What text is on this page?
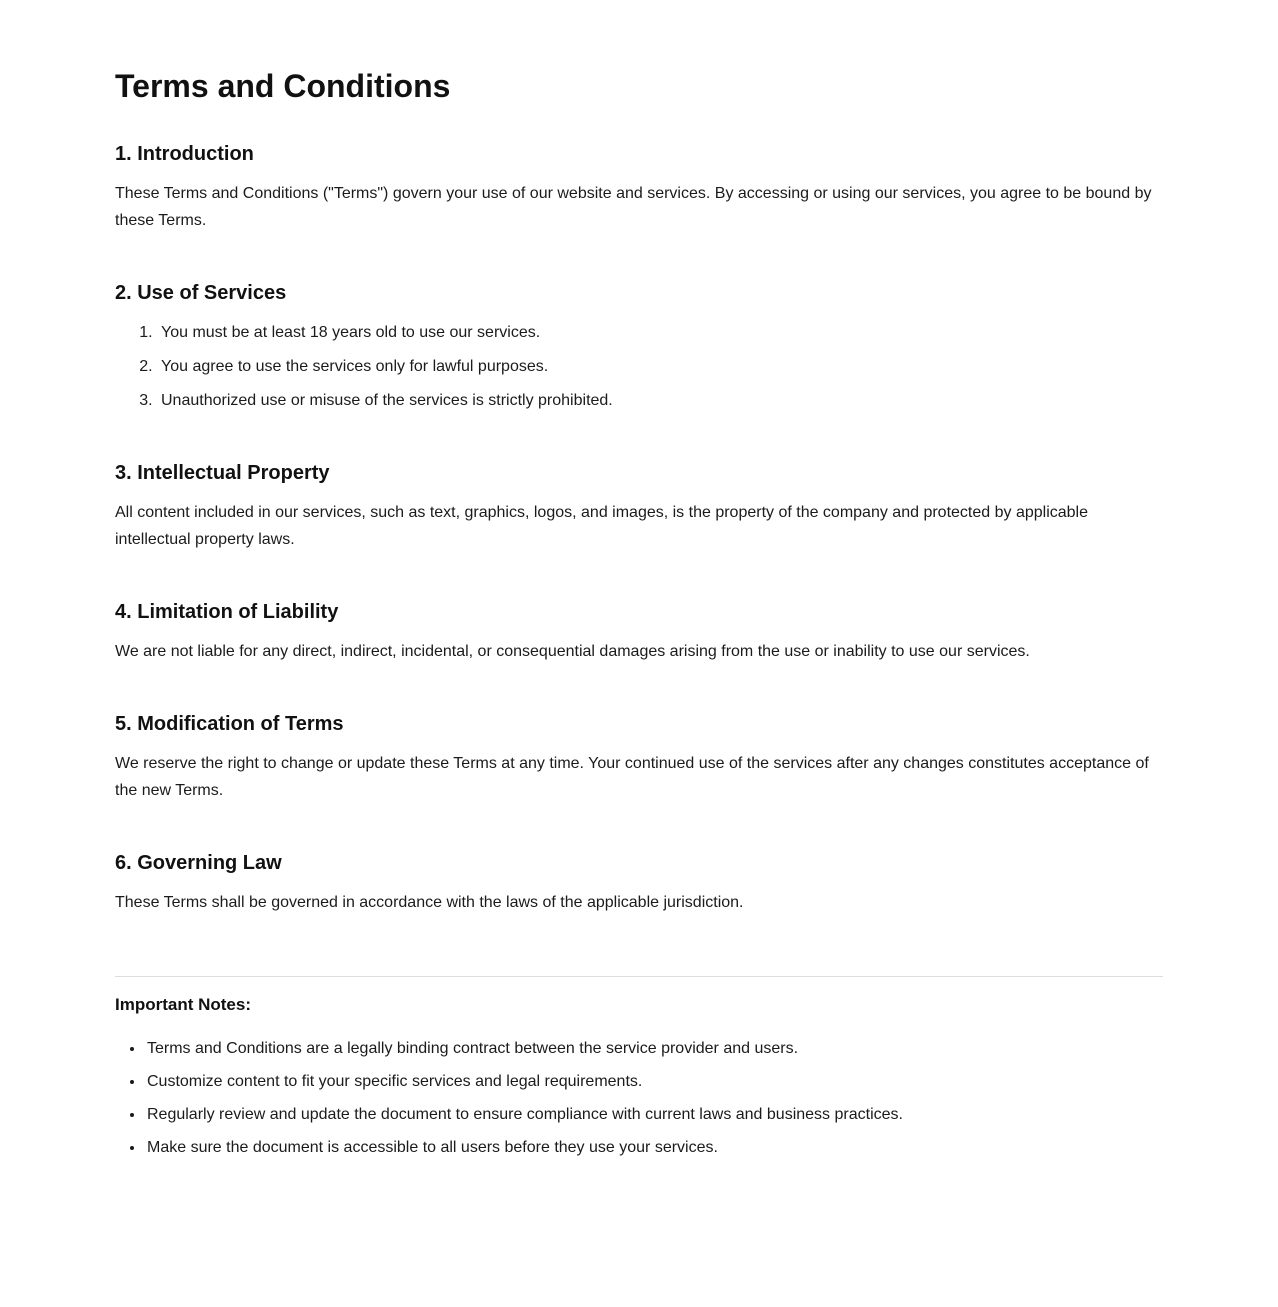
Terms and Conditions
1. Introduction

These Terms and Conditions ("Terms") govern your use of our website and services. By accessing or using our services, you agree to be bound by these Terms.

2. Use of Services
1. You must be at least 18 years old to use our services.
2. You agree to use the services only for lawful purposes.
3. Unauthorized use or misuse of the services is strictly prohibited.
3. Intellectual Property

All content included in our services, such as text, graphics, logos, and images, is the property of the company and protected by applicable intellectual property laws.

4. Limitation of Liability

We are not liable for any direct, indirect, incidental, or consequential damages arising from the use or inability to use our services.

5. Modification of Terms

We reserve the right to change or update these Terms at any time. Your continued use of the services after any changes constitutes acceptance of the new Terms.

6. Governing Law

These Terms shall be governed in accordance with the laws of the applicable jurisdiction.

Important Notes:
• Terms and Conditions are a legally binding contract between the service provider and users.
• Customize content to fit your specific services and legal requirements.
• Regularly review and update the document to ensure compliance with current laws and business practices.
• Make sure the document is accessible to all users before they use your services.
